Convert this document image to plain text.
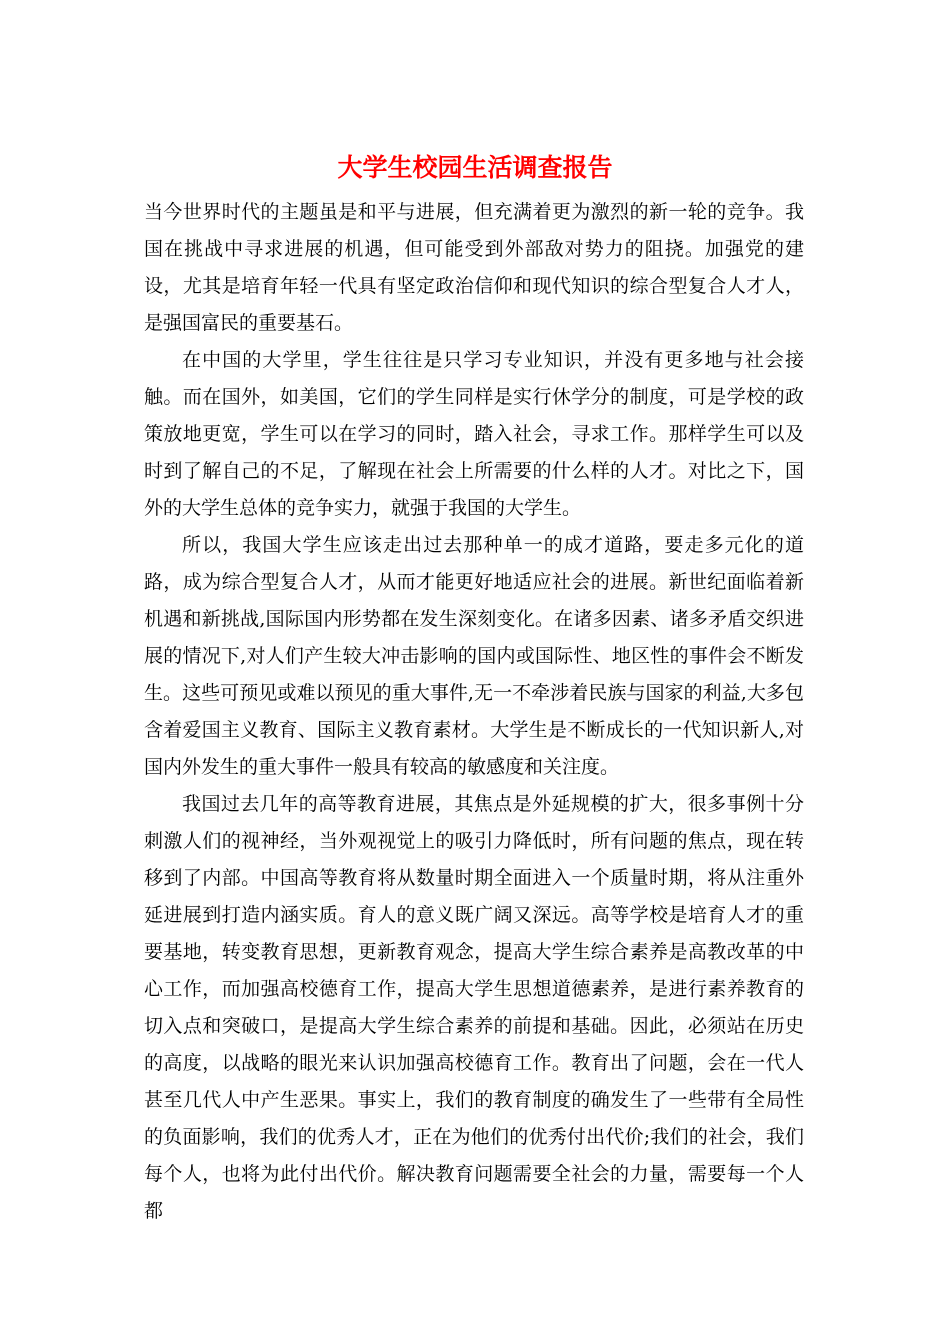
大学生校园生活调查报告

当今世界时代的主题虽是和平与进展，但充满着更为激烈的新一轮的竞争。我国在挑战中寻求进展的机遇，但可能受到外部敌对势力的阻挠。加强党的建设，尤其是培育年轻一代具有坚定政治信仰和现代知识的综合型复合人才人，是强国富民的重要基石。

在中国的大学里，学生往往是只学习专业知识，并没有更多地与社会接触。而在国外，如美国，它们的学生同样是实行休学分的制度，可是学校的政策放地更宽，学生可以在学习的同时，踏入社会，寻求工作。那样学生可以及时到了解自己的不足，了解现在社会上所需要的什么样的人才。对比之下，国外的大学生总体的竞争实力，就强于我国的大学生。

所以，我国大学生应该走出过去那种单一的成才道路，要走多元化的道路，成为综合型复合人才，从而才能更好地适应社会的进展。新世纪面临着新机遇和新挑战,国际国内形势都在发生深刻变化。在诸多因素、诸多矛盾交织进展的情况下,对人们产生较大冲击影响的国内或国际性、地区性的事件会不断发生。这些可预见或难以预见的重大事件,无一不牵涉着民族与国家的利益,大多包含着爱国主义教育、国际主义教育素材。大学生是不断成长的一代知识新人,对国内外发生的重大事件一般具有较高的敏感度和关注度。

我国过去几年的高等教育进展，其焦点是外延规模的扩大，很多事例十分刺激人们的视神经，当外观视觉上的吸引力降低时，所有问题的焦点，现在转移到了内部。中国高等教育将从数量时期全面进入一个质量时期，将从注重外延进展到打造内涵实质。育人的意义既广阔又深远。高等学校是培育人才的重要基地，转变教育思想，更新教育观念，提高大学生综合素养是高教改革的中心工作，而加强高校德育工作，提高大学生思想道德素养，是进行素养教育的切入点和突破口，是提高大学生综合素养的前提和基础。因此，必须站在历史的高度，以战略的眼光来认识加强高校德育工作。教育出了问题，会在一代人甚至几代人中产生恶果。事实上，我们的教育制度的确发生了一些带有全局性的负面影响，我们的优秀人才，正在为他们的优秀付出代价;我们的社会，我们每个人，也将为此付出代价。解决教育问题需要全社会的力量，需要每一个人都
